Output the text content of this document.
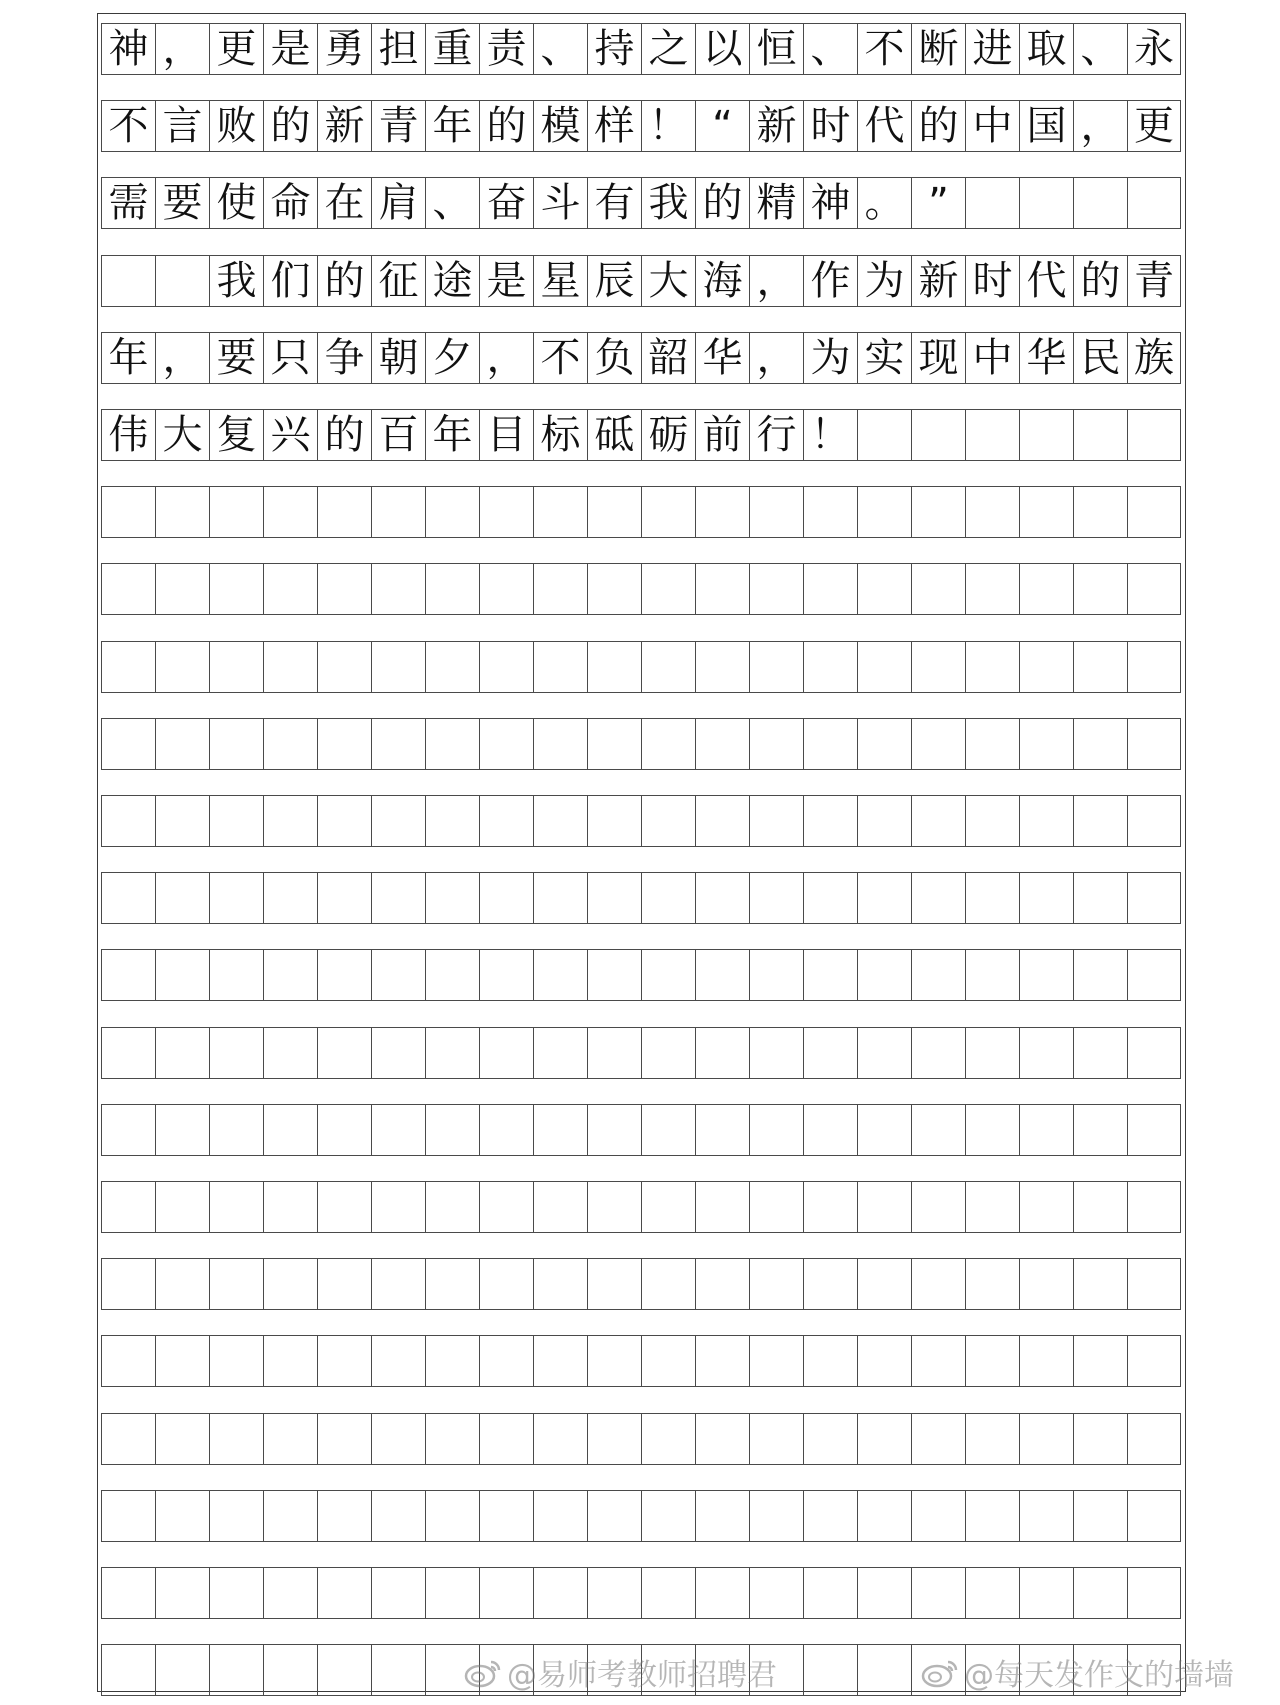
神 ， 更 是 勇 担 重 责 、 持 之 以 恒 、 不 断 进 取 、 永
不 言 败 的 新 青 年 的 模 样 ！ “ 新 时 代 的 中 国 ， 更
需 要 使 命 在 肩 、 奋 斗 有 我 的 精 神 。 ”
我 们 的 征 途 是 星 辰 大 海 ， 作 为 新 时 代 的 青
年 ， 要 只 争 朝 夕 ， 不 负 韶 华 ， 为 实 现 中 华 民 族
伟 大 复 兴 的 百 年 目 标 砥 砺 前 行 ！
@易师考教师招聘君	@每天发作文的墙墙
